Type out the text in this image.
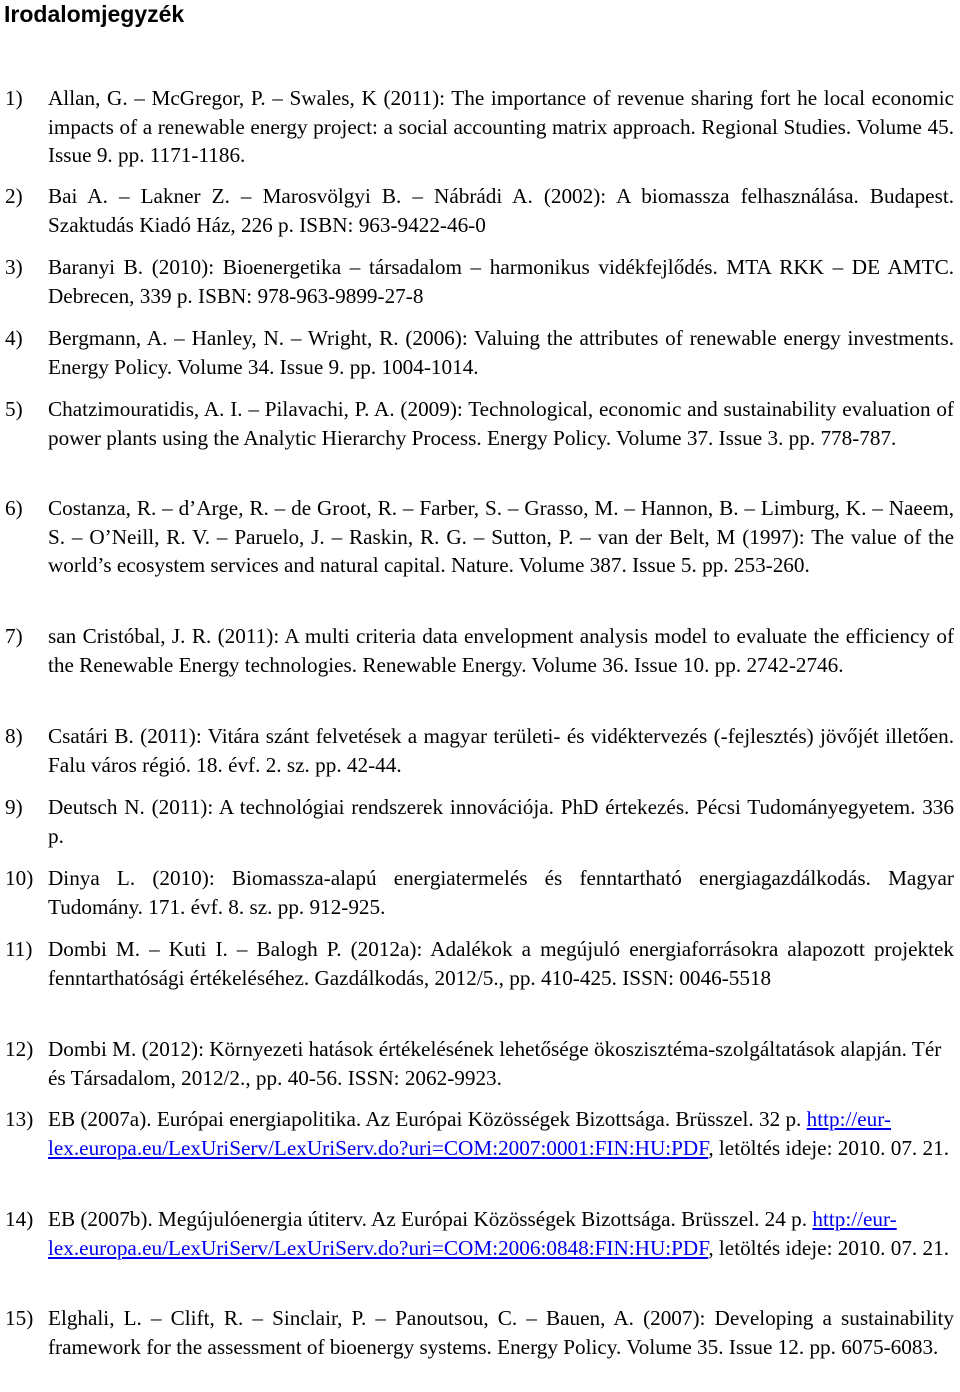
Irodalomjegyzék
1) Allan, G. – McGregor, P. – Swales, K (2011): The importance of revenue sharing fort he local economic impacts of a renewable energy project: a social accounting matrix approach. Regional Studies. Volume 45. Issue 9. pp. 1171-1186.
2) Bai A. – Lakner Z. – Marosvölgyi B. – Nábrádi A. (2002): A biomassza felhasználása. Budapest. Szaktudás Kiadó Ház, 226 p. ISBN: 963-9422-46-0
3) Baranyi B. (2010): Bioenergetika – társadalom – harmonikus vidékfejlődés. MTA RKK – DE AMTC. Debrecen, 339 p. ISBN: 978-963-9899-27-8
4) Bergmann, A. – Hanley, N. – Wright, R. (2006): Valuing the attributes of renewable energy investments. Energy Policy. Volume 34. Issue 9. pp. 1004-1014.
5) Chatzimouratidis, A. I. – Pilavachi, P. A. (2009): Technological, economic and sustainability evaluation of power plants using the Analytic Hierarchy Process. Energy Policy. Volume 37. Issue 3. pp. 778-787.
6) Costanza, R. – d’Arge, R. – de Groot, R. – Farber, S. – Grasso, M. – Hannon, B. – Limburg, K. – Naeem, S. – O’Neill, R. V. – Paruelo, J. – Raskin, R. G. – Sutton, P. – van der Belt, M (1997): The value of the world’s ecosystem services and natural capital. Nature. Volume 387. Issue 5. pp. 253-260.
7) san Cristóbal, J. R. (2011): A multi criteria data envelopment analysis model to evaluate the efficiency of the Renewable Energy technologies. Renewable Energy. Volume 36. Issue 10. pp. 2742-2746.
8) Csatári B. (2011): Vitára szánt felvetések a magyar területi- és vidéktervezés (-fejlesztés) jövőjét illetően. Falu város régió. 18. évf. 2. sz. pp. 42-44.
9) Deutsch N. (2011): A technológiai rendszerek innovációja. PhD értekezés. Pécsi Tudományegyetem. 336 p.
10) Dinya L. (2010): Biomassza-alapú energiatermelés és fenntartható energiagazdálkodás. Magyar Tudomány. 171. évf. 8. sz. pp. 912-925.
11) Dombi M. – Kuti I. – Balogh P. (2012a): Adalékok a megújuló energiaforrásokra alapozott projektek fenntarthatósági értékeléséhez. Gazdálkodás, 2012/5., pp. 410-425. ISSN: 0046-5518
12) Dombi M. (2012): Környezeti hatások értékelésének lehetősége ökoszisztéma-szolgáltatások alapján. Tér és Társadalom, 2012/2., pp. 40-56. ISSN: 2062-9923.
13) EB (2007a). Európai energiapolitika. Az Európai Közösségek Bizottsága. Brüsszel. 32 p. http://eur-lex.europa.eu/LexUriServ/LexUriServ.do?uri=COM:2007:0001:FIN:HU:PDF, letöltés ideje: 2010. 07. 21.
14) EB (2007b). Megújulóenergia útiterv. Az Európai Közösségek Bizottsága. Brüsszel. 24 p. http://eur-lex.europa.eu/LexUriServ/LexUriServ.do?uri=COM:2006:0848:FIN:HU:PDF, letöltés ideje: 2010. 07. 21.
15) Elghali, L. – Clift, R. – Sinclair, P. – Panoutsou, C. – Bauen, A. (2007): Developing a sustainability framework for the assessment of bioenergy systems. Energy Policy. Volume 35. Issue 12. pp. 6075-6083.
